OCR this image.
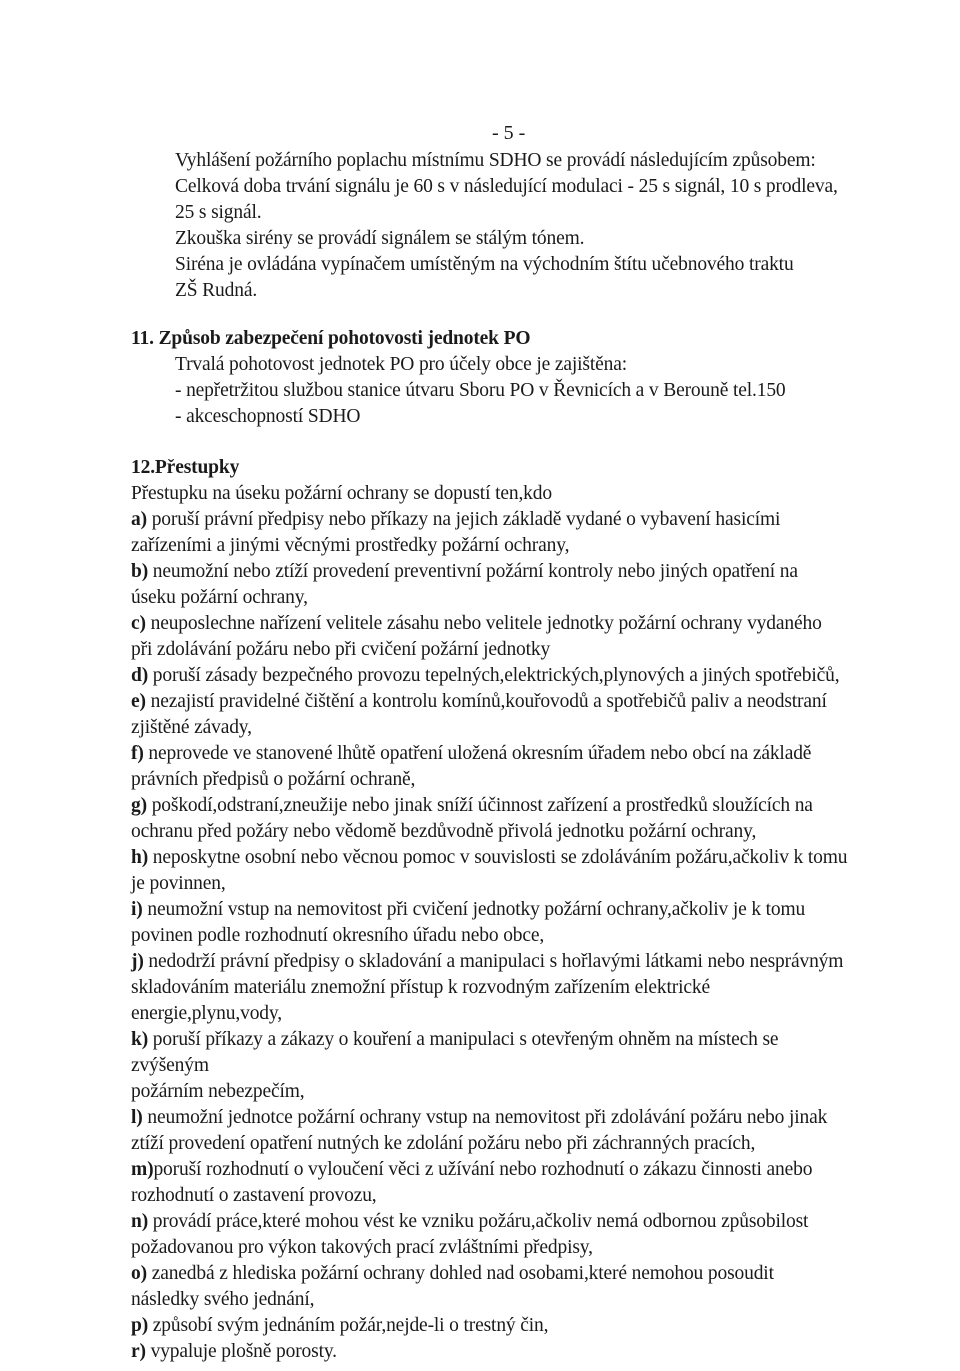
- 5 -
Vyhlášení požárního poplachu místnímu SDHO se provádí následujícím způsobem:
Celková doba trvání signálu je 60 s v následující modulaci - 25 s signál, 10 s prodleva,
25 s signál.
Zkouška sirény se provádí signálem se stálým tónem.
Siréna je ovládána vypínačem umístěným na východním štítu učebnového traktu
ZŠ Rudná.
11. Způsob zabezpečení pohotovosti jednotek PO
Trvalá pohotovost jednotek PO pro účely obce je zajištěna:
- nepřetržitou službou stanice útvaru Sboru PO v Řevnicích a v Berouně tel.150
- akceschopností SDHO
12.Přestupky
Přestupku na úseku požární ochrany se dopustí ten,kdo
a) poruší právní předpisy nebo příkazy na jejich základě vydané o vybavení hasicími
zařízeními a jinými věcnými prostředky požární ochrany,
b) neumožní nebo ztíží provedení preventivní požární kontroly nebo jiných opatření na
úseku požární ochrany,
c) neuposlechne nařízení velitele zásahu nebo velitele jednotky požární ochrany vydaného
při zdolávání požáru nebo při cvičení požární jednotky
d) poruší zásady bezpečného provozu tepelných,elektrických,plynových a jiných spotřebičů,
e) nezajistí pravidelné čištění a kontrolu komínů,kouřovodů a spotřebičů paliv a neodstraní
zjištěné závady,
f) neprovede ve stanovené lhůtě opatření uložená okresním úřadem nebo obcí na základě
právních předpisů o požární ochraně,
g) poškodí,odstraní,zneužije nebo jinak sníží účinnost zařízení a prostředků sloužících na
ochranu před požáry nebo vědomě bezdůvodně přivolá jednotku požární ochrany,
h) neposkytne osobní nebo věcnou pomoc v souvislosti se zdoláváním požáru,ačkoliv k tomu
je povinnen,
i) neumožní vstup na nemovitost při cvičení jednotky požární ochrany,ačkoliv je k tomu
povinen podle rozhodnutí okresního úřadu nebo obce,
j) nedodrží právní předpisy o skladování a manipulaci s hořlavými látkami nebo nesprávným
skladováním materiálu znemožní přístup k rozvodným zařízením elektrické
energie,plynu,vody,
k) poruší příkazy a zákazy o kouření a manipulaci s otevřeným ohněm na místech se
zvýšeným
požárním nebezpečím,
l) neumožní jednotce požární ochrany vstup na nemovitost při zdolávání požáru nebo jinak
ztíží provedení opatření nutných ke zdolání požáru nebo při záchranných pracích,
m)poruší rozhodnutí o vyloučení věci z užívání nebo rozhodnutí o zákazu činnosti anebo
rozhodnutí o zastavení provozu,
n) provádí práce,které mohou vést ke vzniku požáru,ačkoliv nemá odbornou způsobilost
požadovanou pro výkon takových prací zvláštními předpisy,
o) zanedbá z hlediska požární ochrany dohled nad osobami,které nemohou posoudit
následky svého jednání,
p) způsobí svým jednáním požár,nejde-li o trestný čin,
r) vypaluje plošně porosty.
